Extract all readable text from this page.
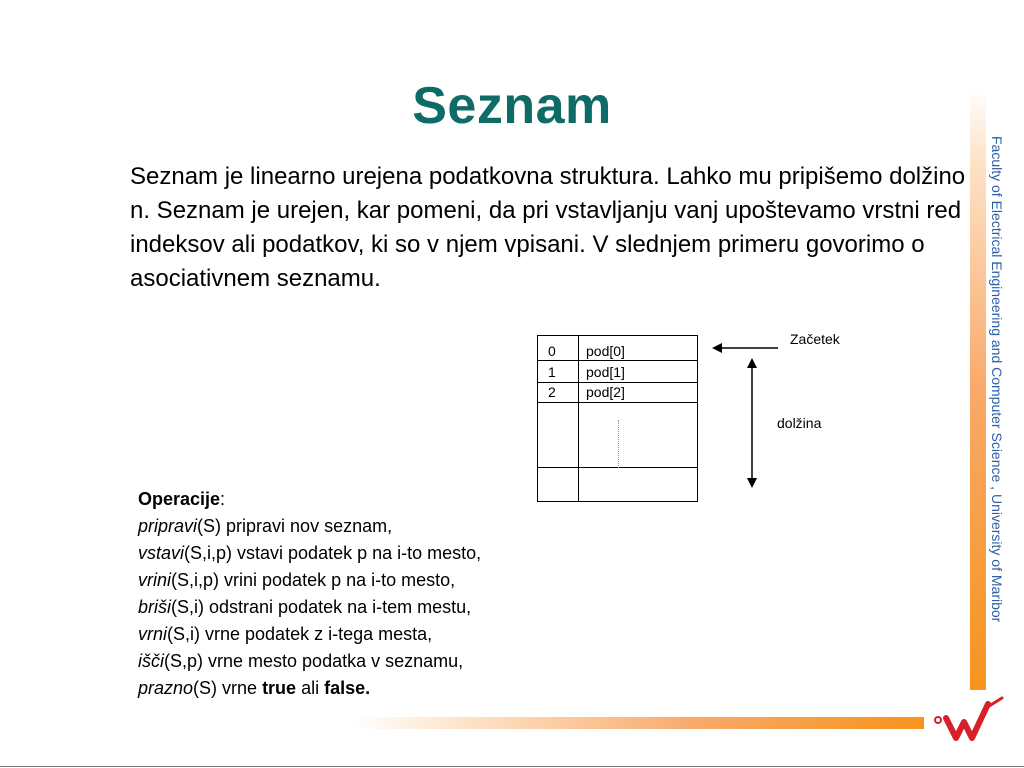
Seznam
Seznam je linearno urejena podatkovna struktura. Lahko mu pripišemo dolžino n. Seznam je urejen, kar pomeni, da pri vstavljanju vanj upoštevamo vrstni red indeksov ali podatkov, ki so v njem vpisani. V slednjem primeru govorimo o asociativnem seznamu.	Faculty of Electrical Engineering and Computer Science , University of Maribor
0 pod[0]
1 pod[1]
2 pod[2]
Začetek
dolžina
Operacije:
pripravi(S) pripravi nov seznam,
vstavi(S,i,p) vstavi podatek p na i-to mesto,
vrini(S,i,p) vrini podatek p na i-to mesto,
briši(S,i) odstrani podatek na i-tem mestu,
vrni(S,i) vrne podatek z i-tega mesta,
išči(S,p) vrne mesto podatka v seznamu,
prazno(S) vrne true ali false.
